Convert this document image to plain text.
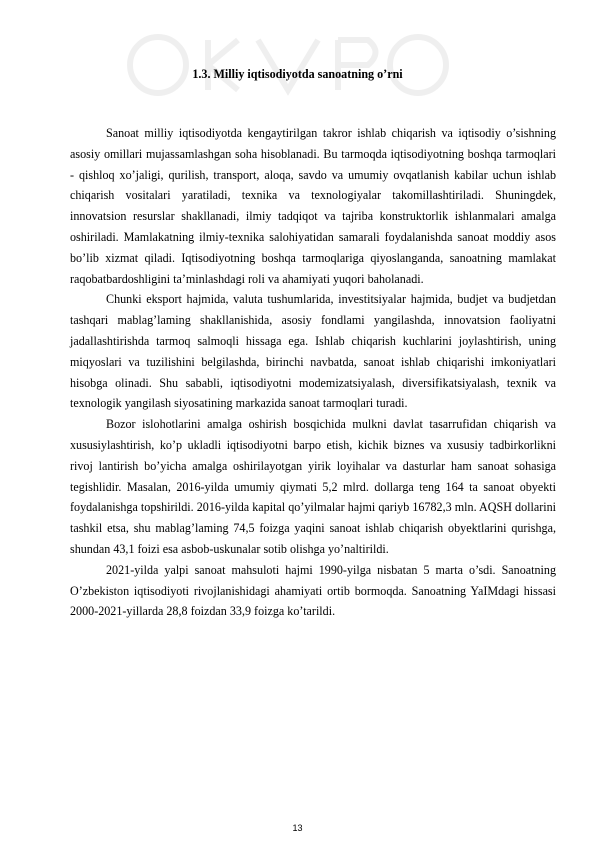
1.3. Milliy iqtisodiyotda sanoatning o’rni

Sanoat milliy iqtisodiyotda kengaytirilgan takror ishlab chiqarish va iqtisodiy o’sishning asosiy omillari mujassamlashgan soha hisoblanadi. Bu tarmoqda iqtisodiyotning boshqa tarmoqlari - qishloq xo’jaligi, qurilish, transport, aloqa, savdo va umumiy ovqatlanish kabilar uchun ishlab chiqarish vositalari yaratiladi, texnika va texnologiyalar takomillashtiriladi. Shuningdek, innovatsion resurslar shakllanadi, ilmiy tadqiqot va tajriba konstruktorlik ishlanmalari amalga oshiriladi. Mamlakatning ilmiy-texnika salohiyatidan samarali foydalanishda sanoat moddiy asos bo’lib xizmat qiladi. Iqtisodiyotning boshqa tarmoqlariga qiyoslanganda, sanoatning mamlakat raqobatbardoshligini ta’minlashdagi roli va ahamiyati yuqori baholanadi.

Chunki eksport hajmida, valuta tushumlarida, investitsiyalar hajmida, budjet va budjetdan tashqari mablag’laming shakllanishida, asosiy fondlami yangilashda, innovatsion faoliyatni jadallashtirishda tarmoq salmoqli hissaga ega. Ishlab chiqarish kuchlarini joylashtirish, uning miqyoslari va tuzilishini belgilashda, birinchi navbatda, sanoat ishlab chiqarishi imkoniyatlari hisobga olinadi. Shu sababli, iqtisodiyotni modemizatsiyalash, diversifikatsiyalash, texnik va texnologik yangilash siyosatining markazida sanoat tarmoqlari turadi.

Bozor islohotlarini amalga oshirish bosqichida mulkni davlat tasarrufidan chiqarish va xususiylashtirish, ko’p ukladli iqtisodiyotni barpo etish, kichik biznes va xususiy tadbirkorlikni rivoj lantirish bo’yicha amalga oshirilayotgan yirik loyihalar va dasturlar ham sanoat sohasiga tegishlidir. Masalan, 2016-yilda umumiy qiymati 5,2 mlrd. dollarga teng 164 ta sanoat obyekti foydalanishga topshirildi. 2016-yilda kapital qo’yilmalar hajmi qariyb 16782,3 mln. AQSH dollarini tashkil etsa, shu mablag’laming 74,5 foizga yaqini sanoat ishlab chiqarish obyektlarini qurishga, shundan 43,1 foizi esa asbob-uskunalar sotib olishga yo’naltirildi.

2021-yilda yalpi sanoat mahsuloti hajmi 1990-yilga nisbatan 5 marta o’sdi. Sanoatning O’zbekiston iqtisodiyoti rivojlanishidagi ahamiyati ortib bormoqda. Sanoatning YaIMdagi hissasi 2000-2021-yillarda 28,8 foizdan 33,9 foizga ko’tarildi.

13
